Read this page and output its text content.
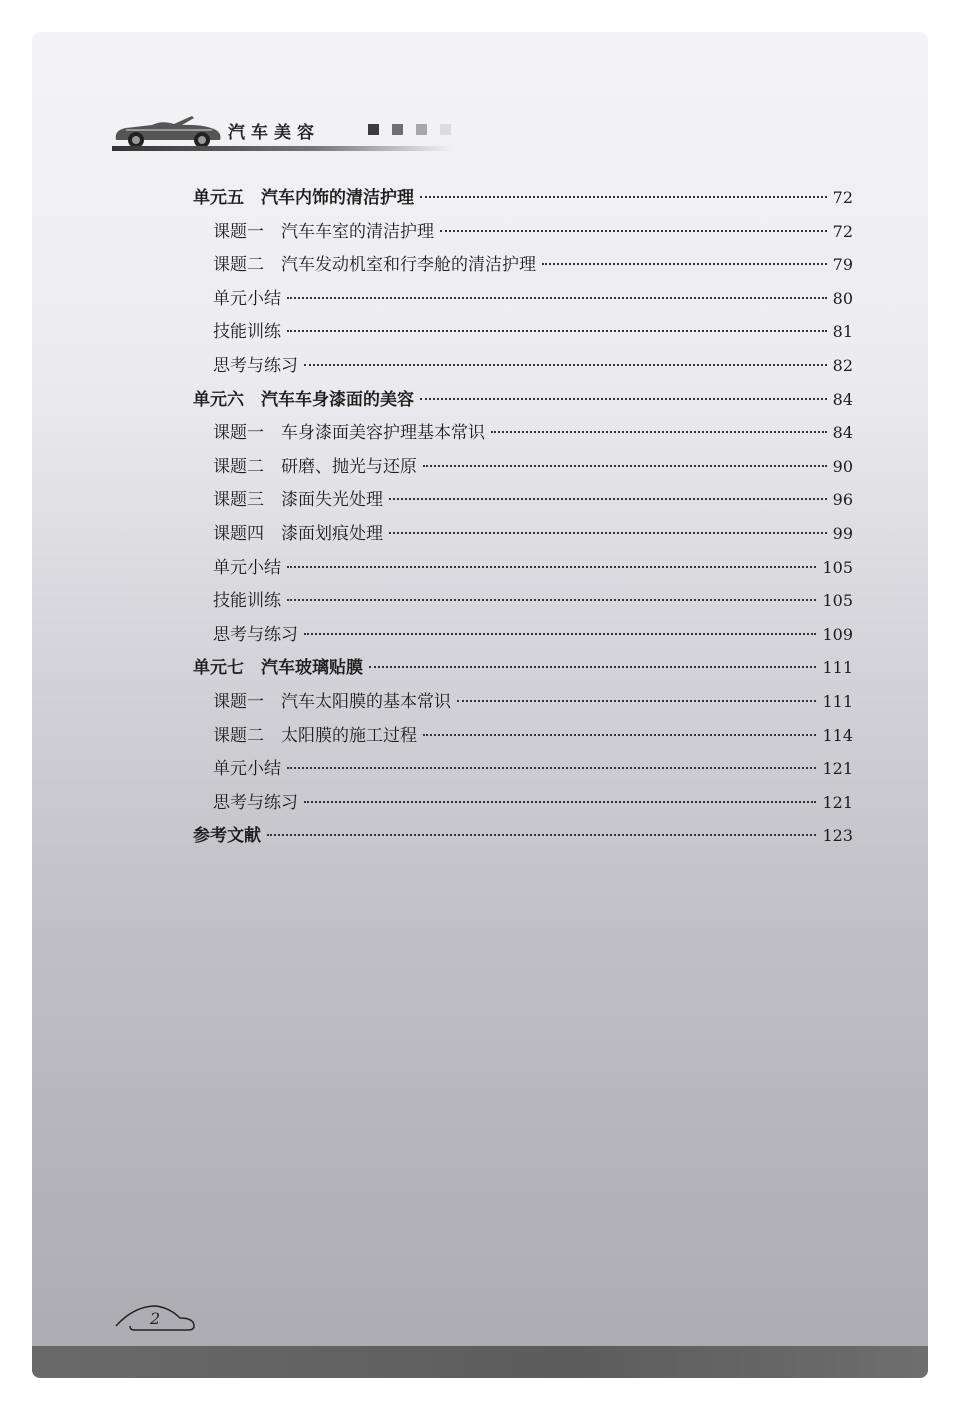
汽车美容
单元五　汽车内饰的清洁护理	72
课题一　汽车车室的清洁护理	72
课题二　汽车发动机室和行李舱的清洁护理	79
单元小结	80
技能训练	81
思考与练习	82
单元六　汽车车身漆面的美容	84
课题一　车身漆面美容护理基本常识	84
课题二　研磨、抛光与还原	90
课题三　漆面失光处理	96
课题四　漆面划痕处理	99
单元小结	105
技能训练	105
思考与练习	109
单元七　汽车玻璃贴膜	111
课题一　汽车太阳膜的基本常识	111
课题二　太阳膜的施工过程	114
单元小结	121
思考与练习	121
参考文献	123
2
